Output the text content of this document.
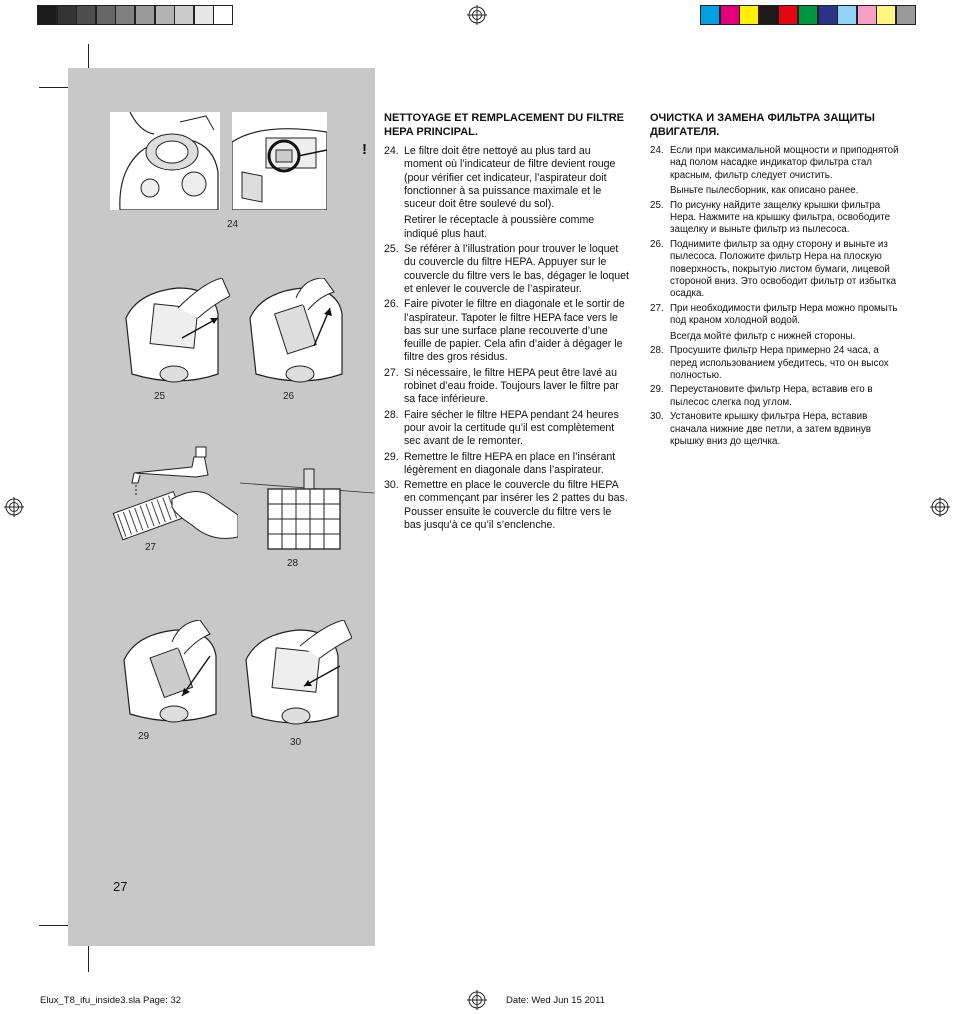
!
24
25	26
27
28
29
30
27
NETTOYAGE ET REMPLACEMENT DU FILTRE HEPA PRINCIPAL.
24. Le filtre doit être nettoyé au plus tard au moment où l’indicateur de filtre devient rouge (pour vérifier cet indicateur, l’aspirateur doit fonctionner à sa puissance maximale et le suceur doit être soulevé du sol).

Retirer le réceptacle à poussière comme indiqué plus haut.

25. Se référer à l’illustration pour trouver le loquet du couvercle du filtre HEPA. Appuyer sur le couvercle du filtre vers le bas, dégager le loquet et enlever le couvercle de l’aspirateur.

26. Faire pivoter le filtre en diagonale et le sortir de l’aspirateur. Tapoter le filtre HEPA face vers le bas sur une surface plane recouverte d’une feuille de papier. Cela afin d’aider à dégager le filtre des gros résidus.

27. Si nécessaire, le filtre HEPA peut être lavé au robinet d’eau froide. Toujours laver le filtre par sa face inférieure.

28. Faire sécher le filtre HEPA pendant 24 heures pour avoir la certitude qu’il est complètement sec avant de le remonter.

29. Remettre le filtre HEPA en place en l’insérant légèrement en diagonale dans l’aspirateur.

30. Remettre en place le couvercle du filtre HEPA en commençant par insérer les 2 pattes du bas. Pousser ensuite le couvercle du filtre vers le bas jusqu’à ce qu’il s’enclenche.

ОЧИСТКА И ЗАМЕНА ФИЛЬТРА ЗАЩИТЫ ДВИГАТЕЛЯ.
24. Если при максимальной мощности и приподнятой над полом насадке индикатор фильтра стал красным, фильтр следует очистить.

Выньте пылесборник, как описано ранее.

25. По рисунку найдите защелку крышки фильтра Нера. Нажмите на крышку фильтра, освободите защелку и выньте фильтр из пылесоса.

26. Поднимите фильтр за одну сторону и выньте из пылесоса. Положите фильтр Нера на плоскую поверхность, покрытую листом бумаги, лицевой стороной вниз. Это освободит фильтр от избытка осадка.

27. При необходимости фильтр Нера можно промыть под краном холодной водой.

Всегда мойте фильтр с нижней стороны.

28. Просушите фильтр Нера примерно 24 часа, а перед использованием убедитесь, что он высох полностью.

29. Переустановите фильтр Нера, вставив его в пылесос слегка под углом.

30. Установите крышку фильтра Нера, вставив сначала нижние две петли, а затем вдвинув крышку вниз до щелчка.

Elux_T8_ifu_inside3.sla Page: 32	Date: Wed Jun 15 2011
